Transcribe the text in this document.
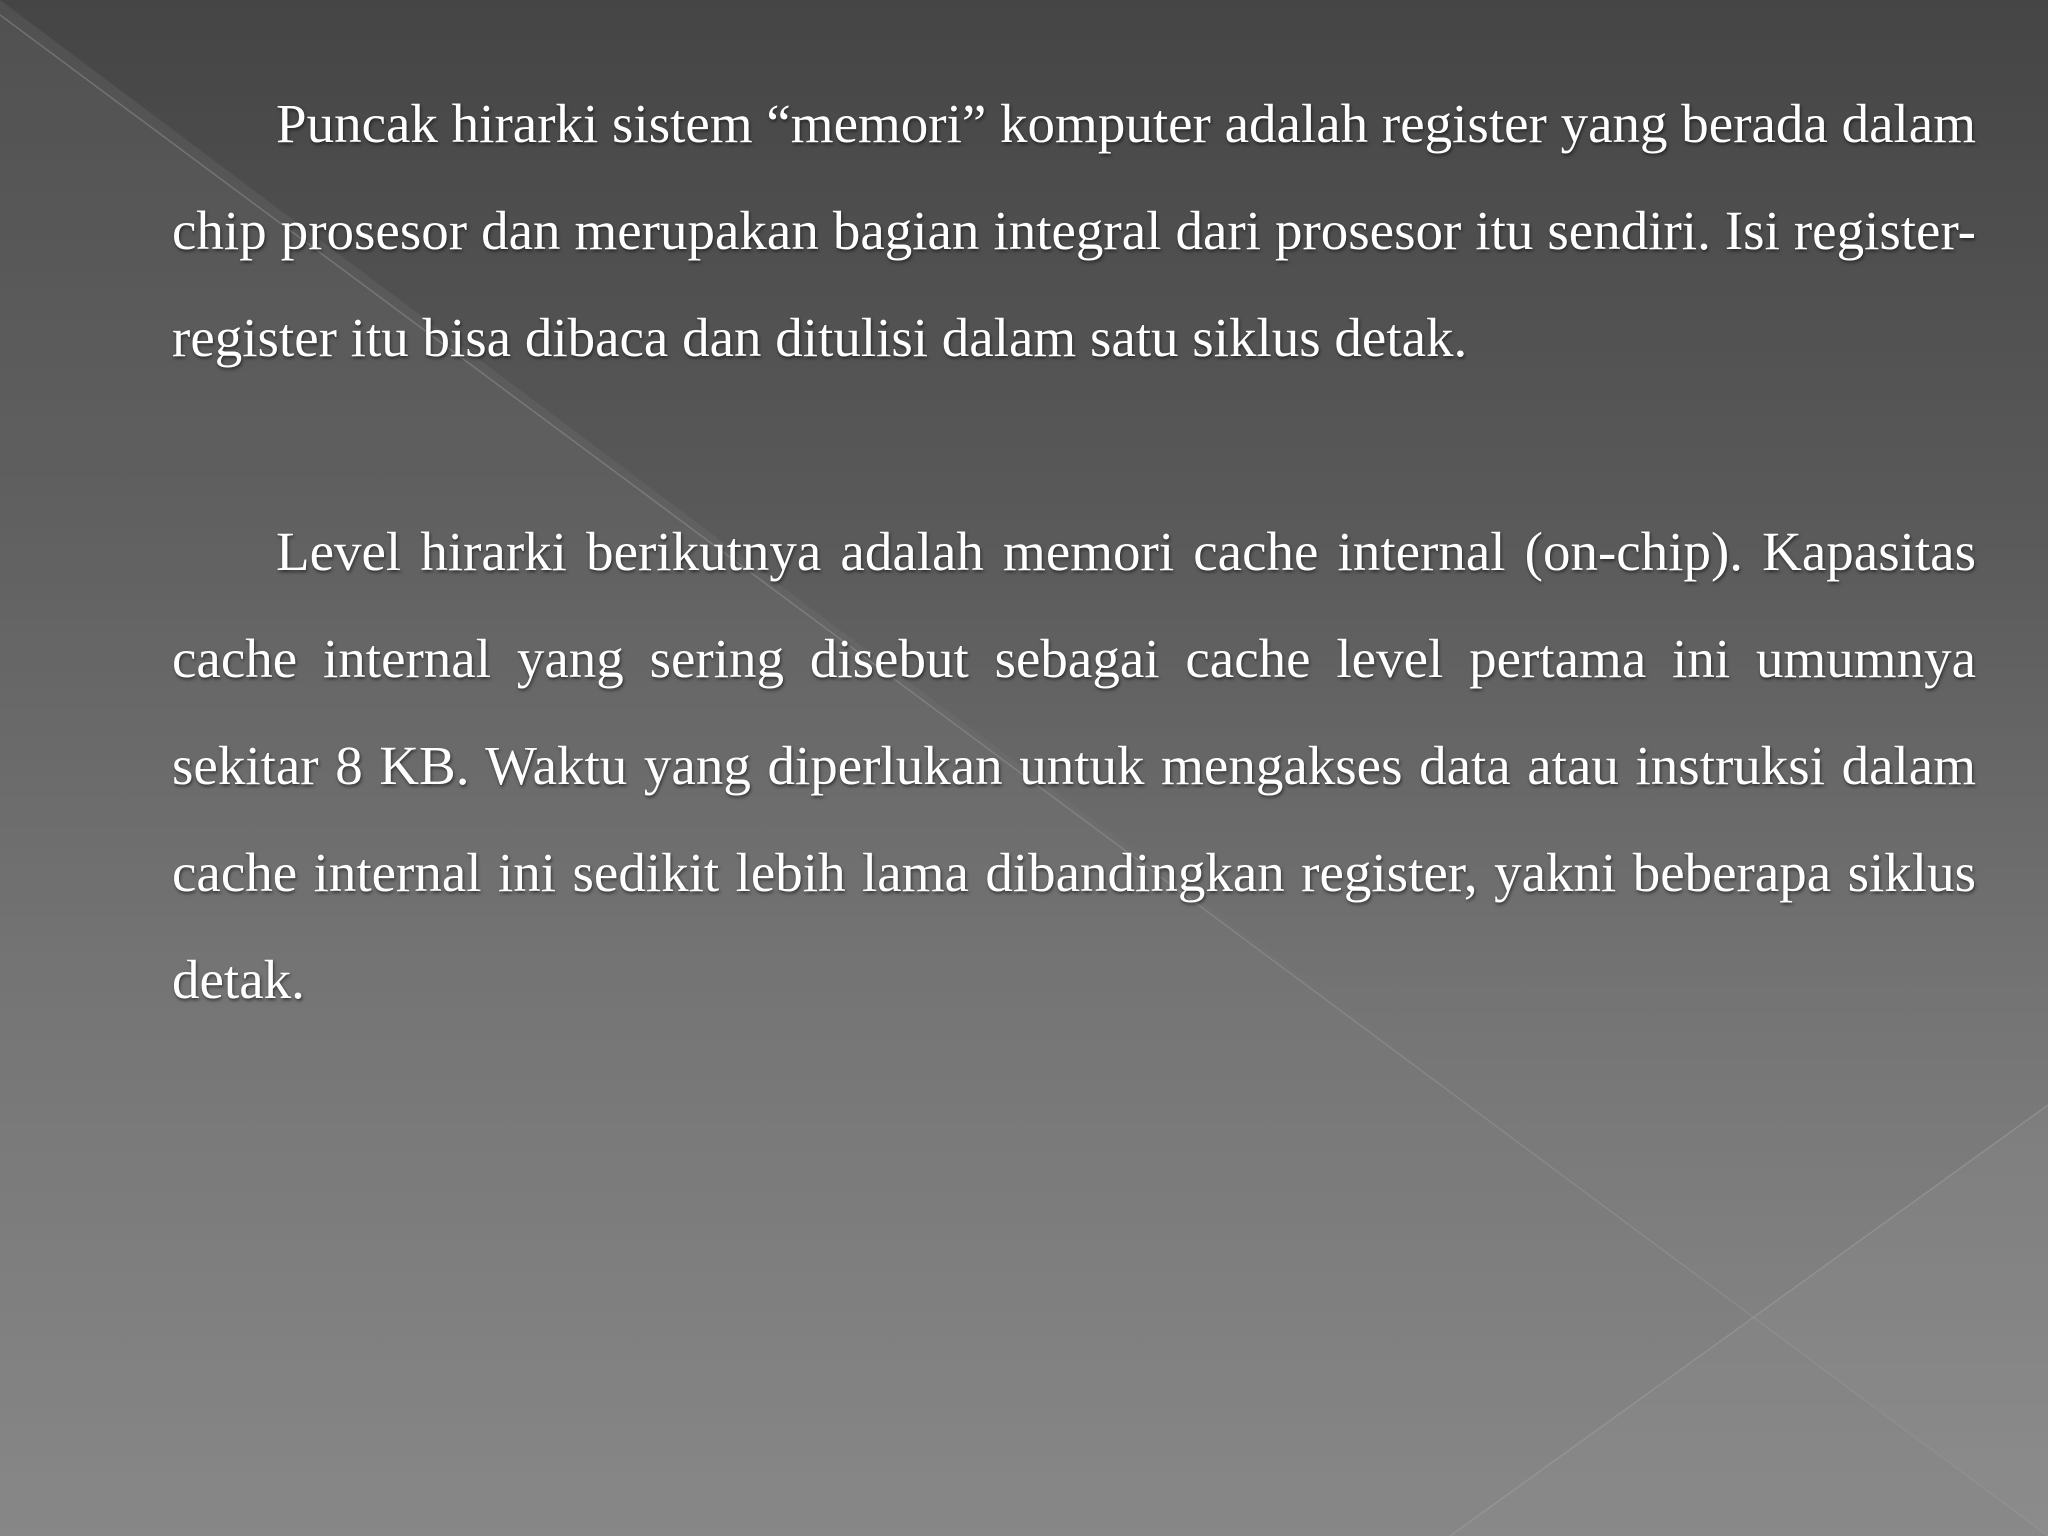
Puncak hirarki sistem “memori” komputer adalah register yang berada dalam chip prosesor dan merupakan bagian integral dari prosesor itu sendiri. Isi register-register itu bisa dibaca dan ditulisi dalam satu siklus detak.

Level hirarki berikutnya adalah memori cache internal (on-chip). Kapasitas cache internal yang sering disebut sebagai cache level pertama ini umumnya sekitar 8 KB. Waktu yang diperlukan untuk mengakses data atau instruksi dalam cache internal ini sedikit lebih lama dibandingkan register, yakni beberapa siklus detak.
